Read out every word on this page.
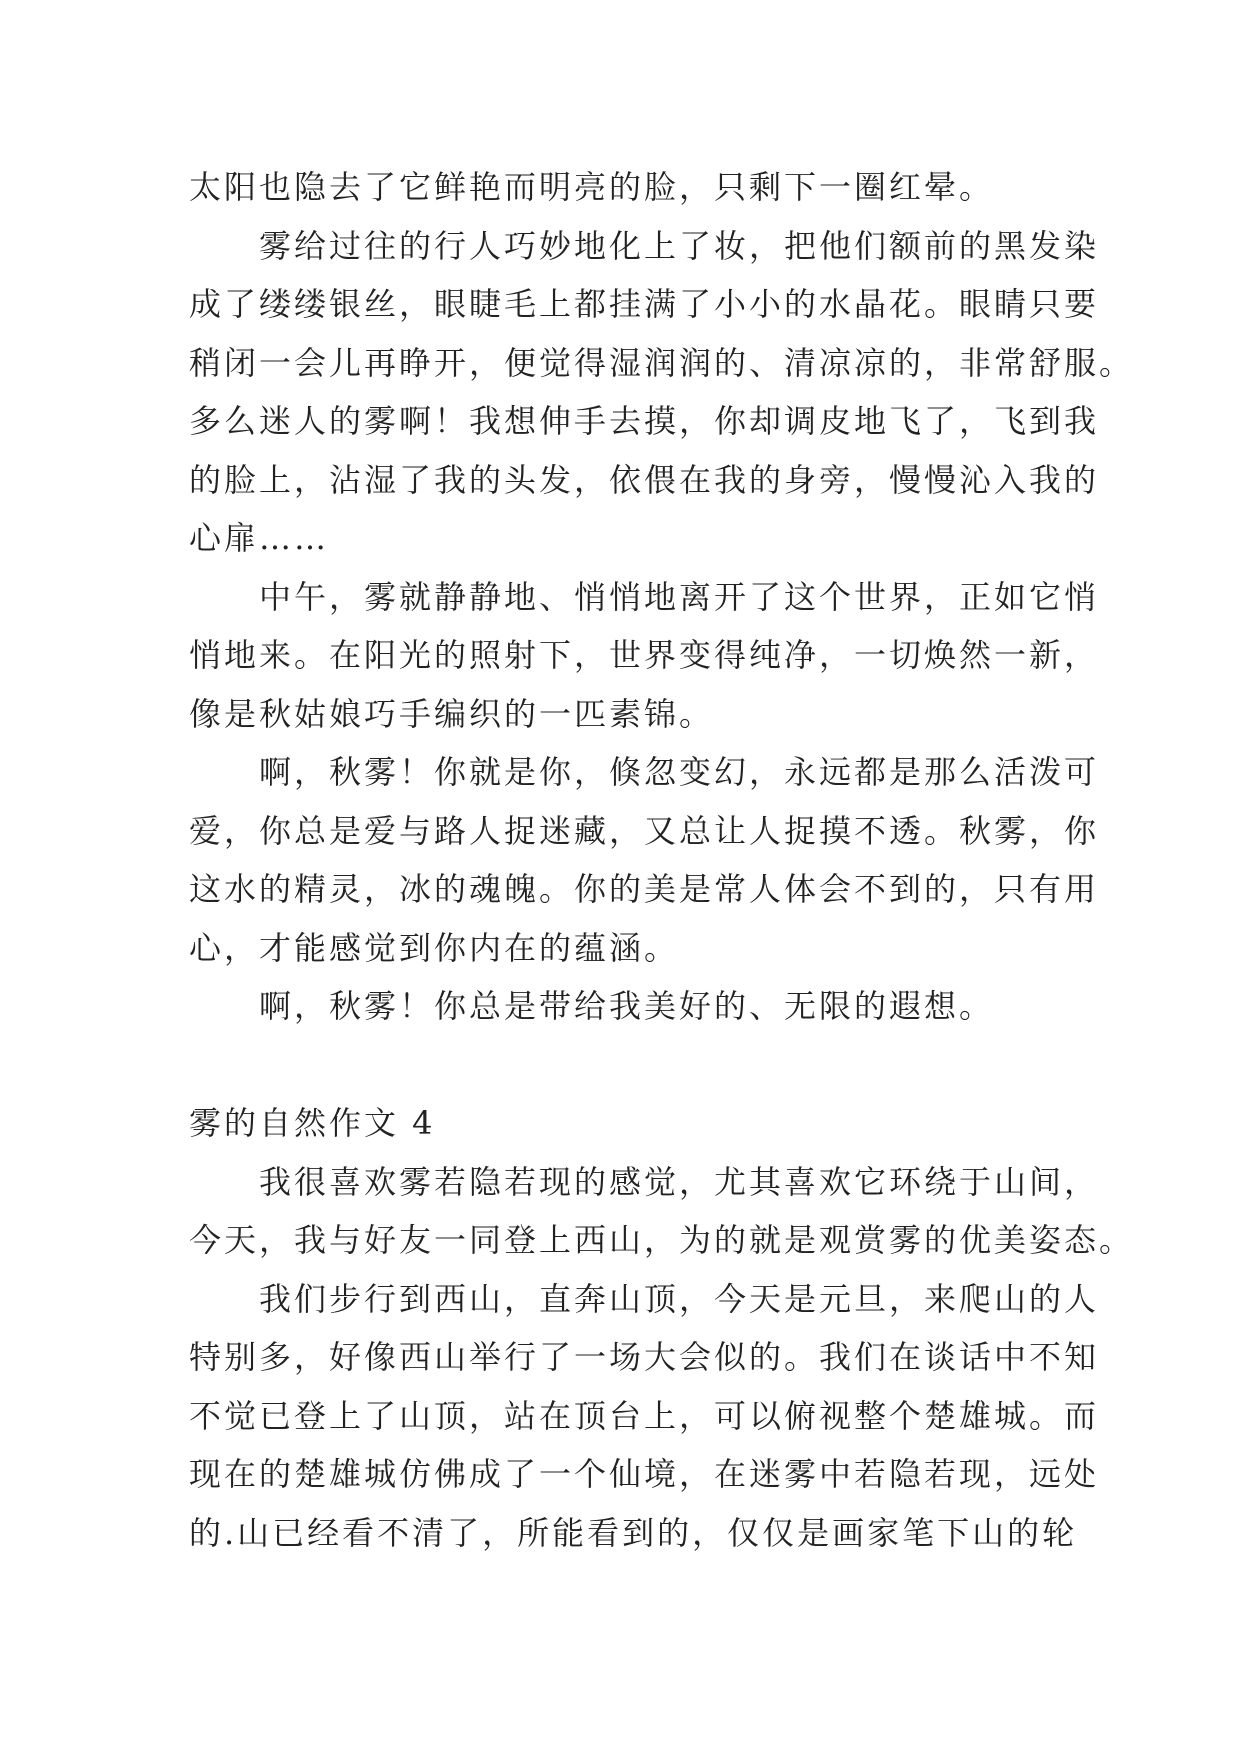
太阳也隐去了它鲜艳而明亮的脸，只剩下一圈红晕。
雾给过往的行人巧妙地化上了妆，把他们额前的黑发染
成了缕缕银丝，眼睫毛上都挂满了小小的水晶花。眼睛只要
稍闭一会儿再睁开，便觉得湿润润的、清凉凉的，非常舒服。
多么迷人的雾啊！我想伸手去摸，你却调皮地飞了，飞到我
的脸上，沾湿了我的头发，依偎在我的身旁，慢慢沁入我的
心扉……
中午，雾就静静地、悄悄地离开了这个世界，正如它悄
悄地来。在阳光的照射下，世界变得纯净，一切焕然一新，
像是秋姑娘巧手编织的一匹素锦。
啊，秋雾！你就是你，倏忽变幻，永远都是那么活泼可
爱，你总是爱与路人捉迷藏，又总让人捉摸不透。秋雾，你
这水的精灵，冰的魂魄。你的美是常人体会不到的，只有用
心，才能感觉到你内在的蕴涵。
啊，秋雾！你总是带给我美好的、无限的遐想。
雾的自然作文 4
我很喜欢雾若隐若现的感觉，尤其喜欢它环绕于山间，
今天，我与好友一同登上西山，为的就是观赏雾的优美姿态。
我们步行到西山，直奔山顶，今天是元旦，来爬山的人
特别多，好像西山举行了一场大会似的。我们在谈话中不知
不觉已登上了山顶，站在顶台上，可以俯视整个楚雄城。而
现在的楚雄城仿佛成了一个仙境，在迷雾中若隐若现，远处
的.山已经看不清了，所能看到的，仅仅是画家笔下山的轮
